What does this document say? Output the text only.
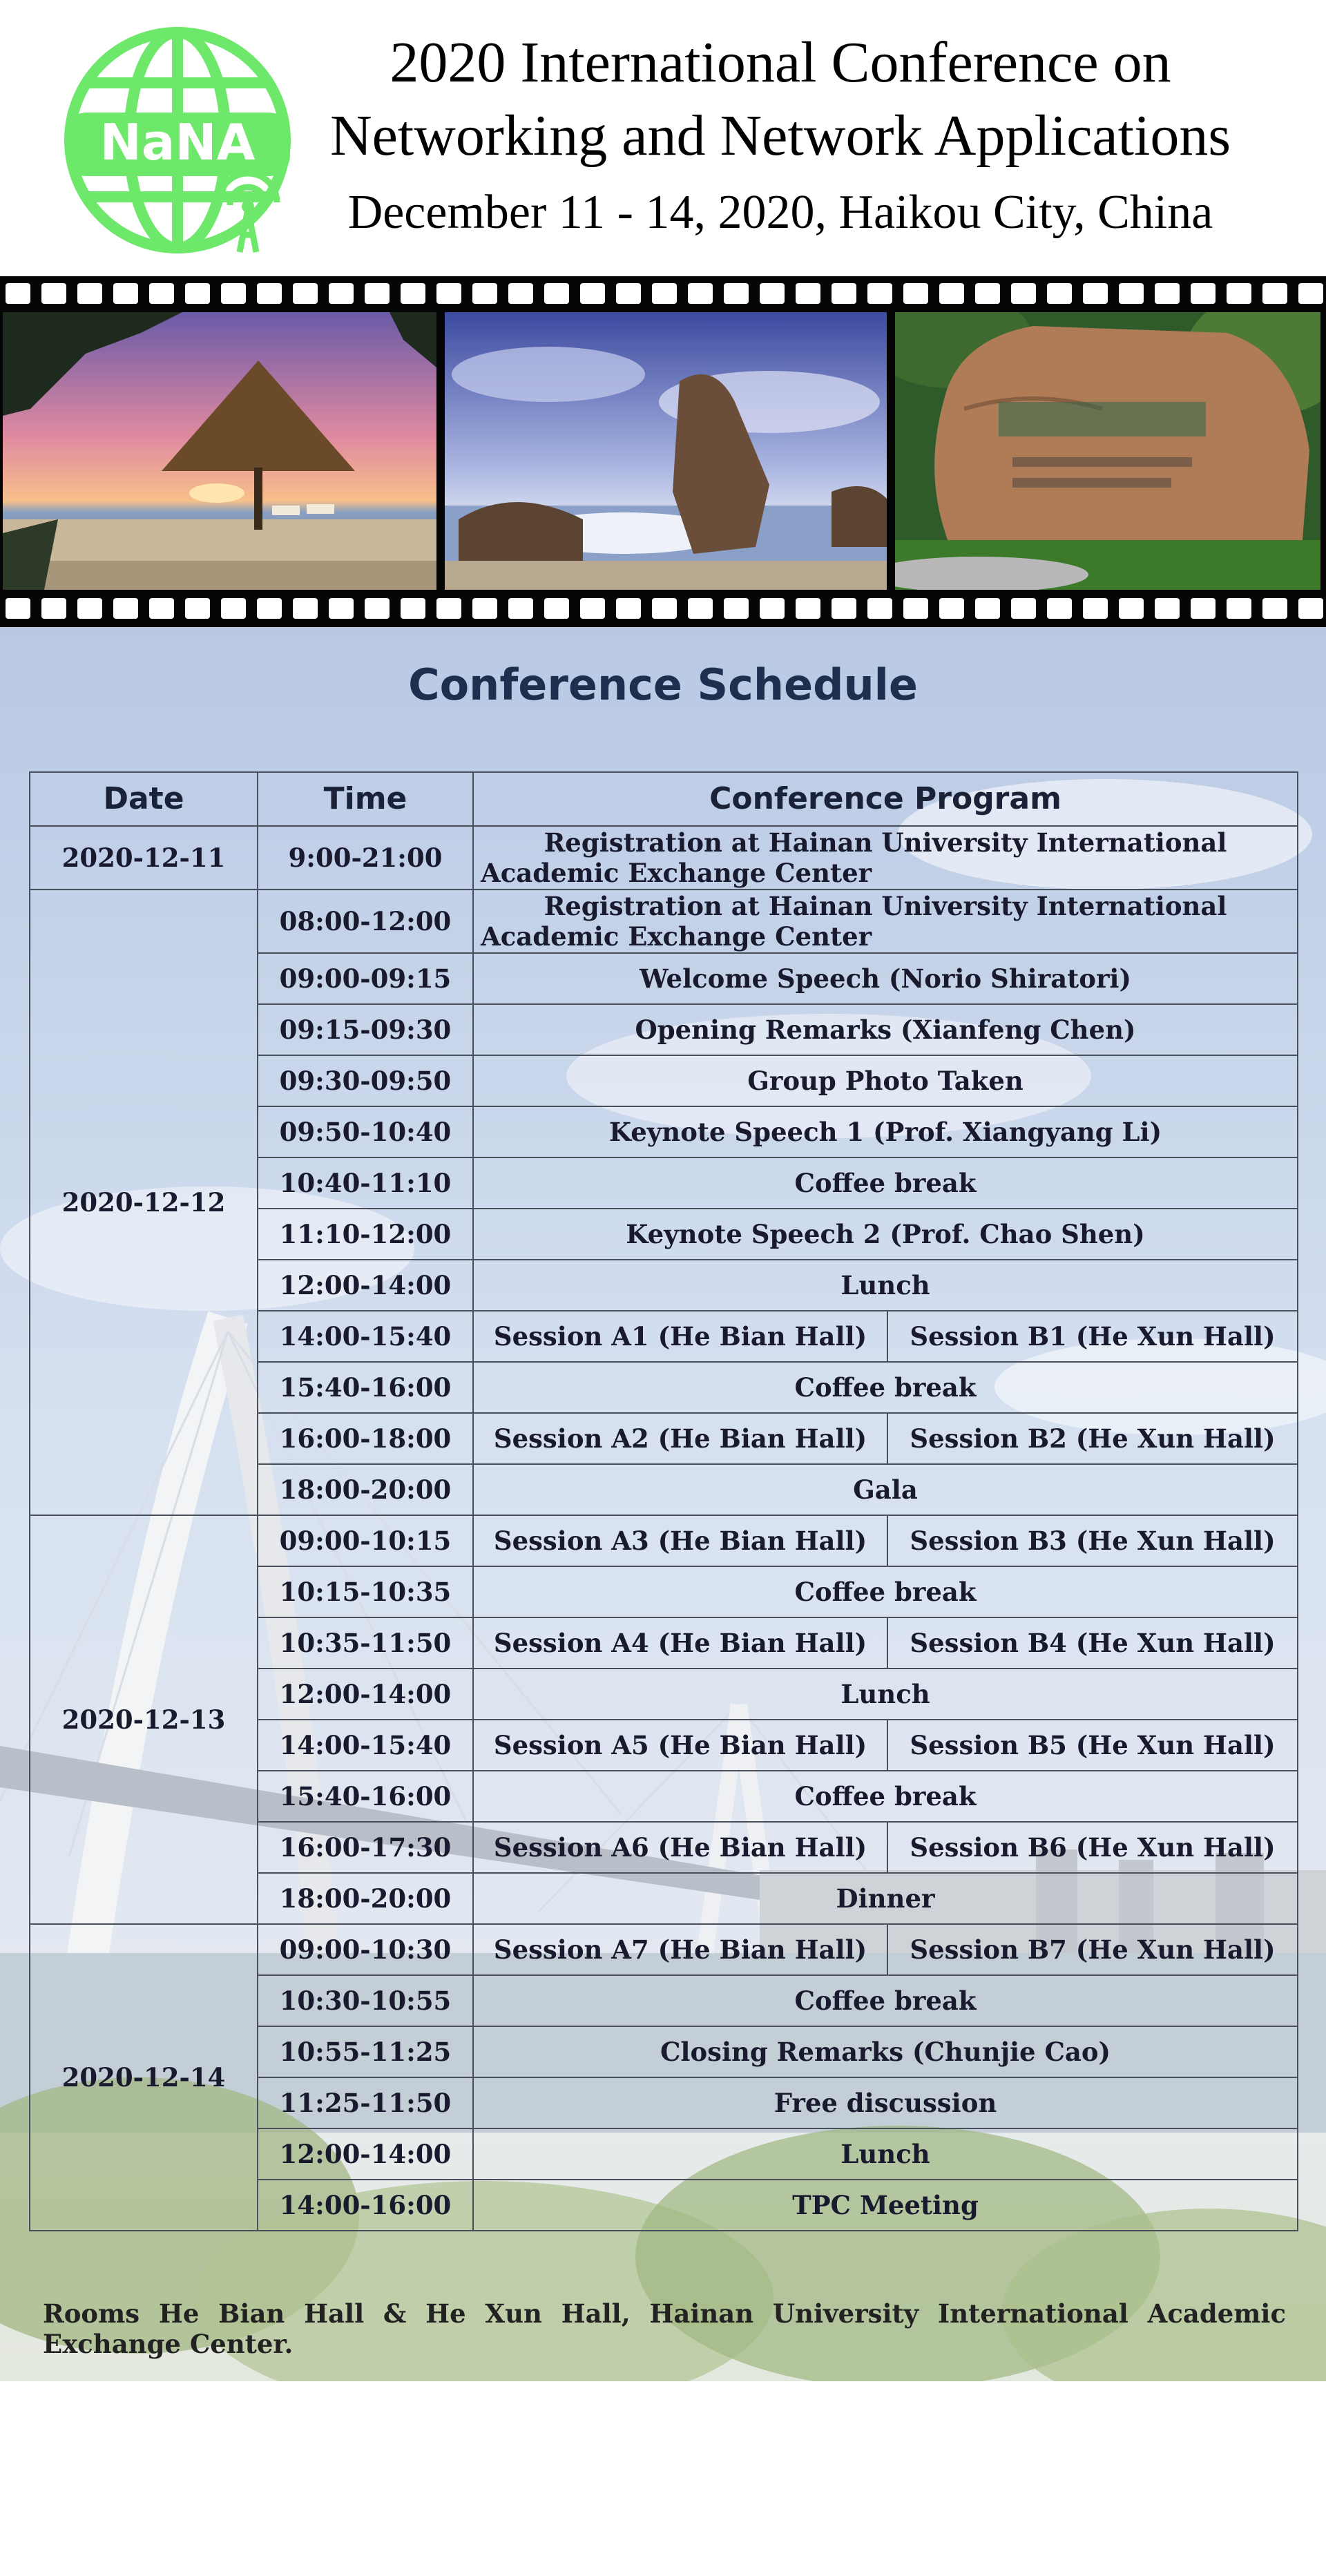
NaNA
2020 International Conference on
Networking and Network Applications
December 11 - 14, 2020, Haikou City, China
Conference Schedule
Date	Time	Conference Program	
2020-12-11	9:00-21:00	Registration at Hainan University International Academic Exchange Center	
2020-12-12	08:00-12:00	Registration at Hainan University International Academic Exchange Center	
	09:00-09:15	Welcome Speech (Norio Shiratori)	
	09:15-09:30	Opening Remarks (Xianfeng Chen)	
	09:30-09:50	Group Photo Taken	
	09:50-10:40	Keynote Speech 1 (Prof. Xiangyang Li)	
	10:40-11:10	Coffee break	
	11:10-12:00	Keynote Speech 2 (Prof. Chao Shen)	
	12:00-14:00	Lunch	
	14:00-15:40	Session A1 (He Bian Hall)	Session B1 (He Xun Hall)
	15:40-16:00	Coffee break	
	16:00-18:00	Session A2 (He Bian Hall)	Session B2 (He Xun Hall)
	18:00-20:00	Gala	
2020-12-13	09:00-10:15	Session A3 (He Bian Hall)	Session B3 (He Xun Hall)
	10:15-10:35	Coffee break	
	10:35-11:50	Session A4 (He Bian Hall)	Session B4 (He Xun Hall)
	12:00-14:00	Lunch	
	14:00-15:40	Session A5 (He Bian Hall)	Session B5 (He Xun Hall)
	15:40-16:00	Coffee break	
	16:00-17:30	Session A6 (He Bian Hall)	Session B6 (He Xun Hall)
	18:00-20:00	Dinner	
2020-12-14	09:00-10:30	Session A7 (He Bian Hall)	Session B7 (He Xun Hall)
	10:30-10:55	Coffee break	
	10:55-11:25	Closing Remarks (Chunjie Cao)	
	11:25-11:50	Free discussion	
	12:00-14:00	Lunch	
	14:00-16:00	TPC Meeting	
Rooms He Bian Hall & He Xun Hall, Hainan University International Academic Exchange Center.
